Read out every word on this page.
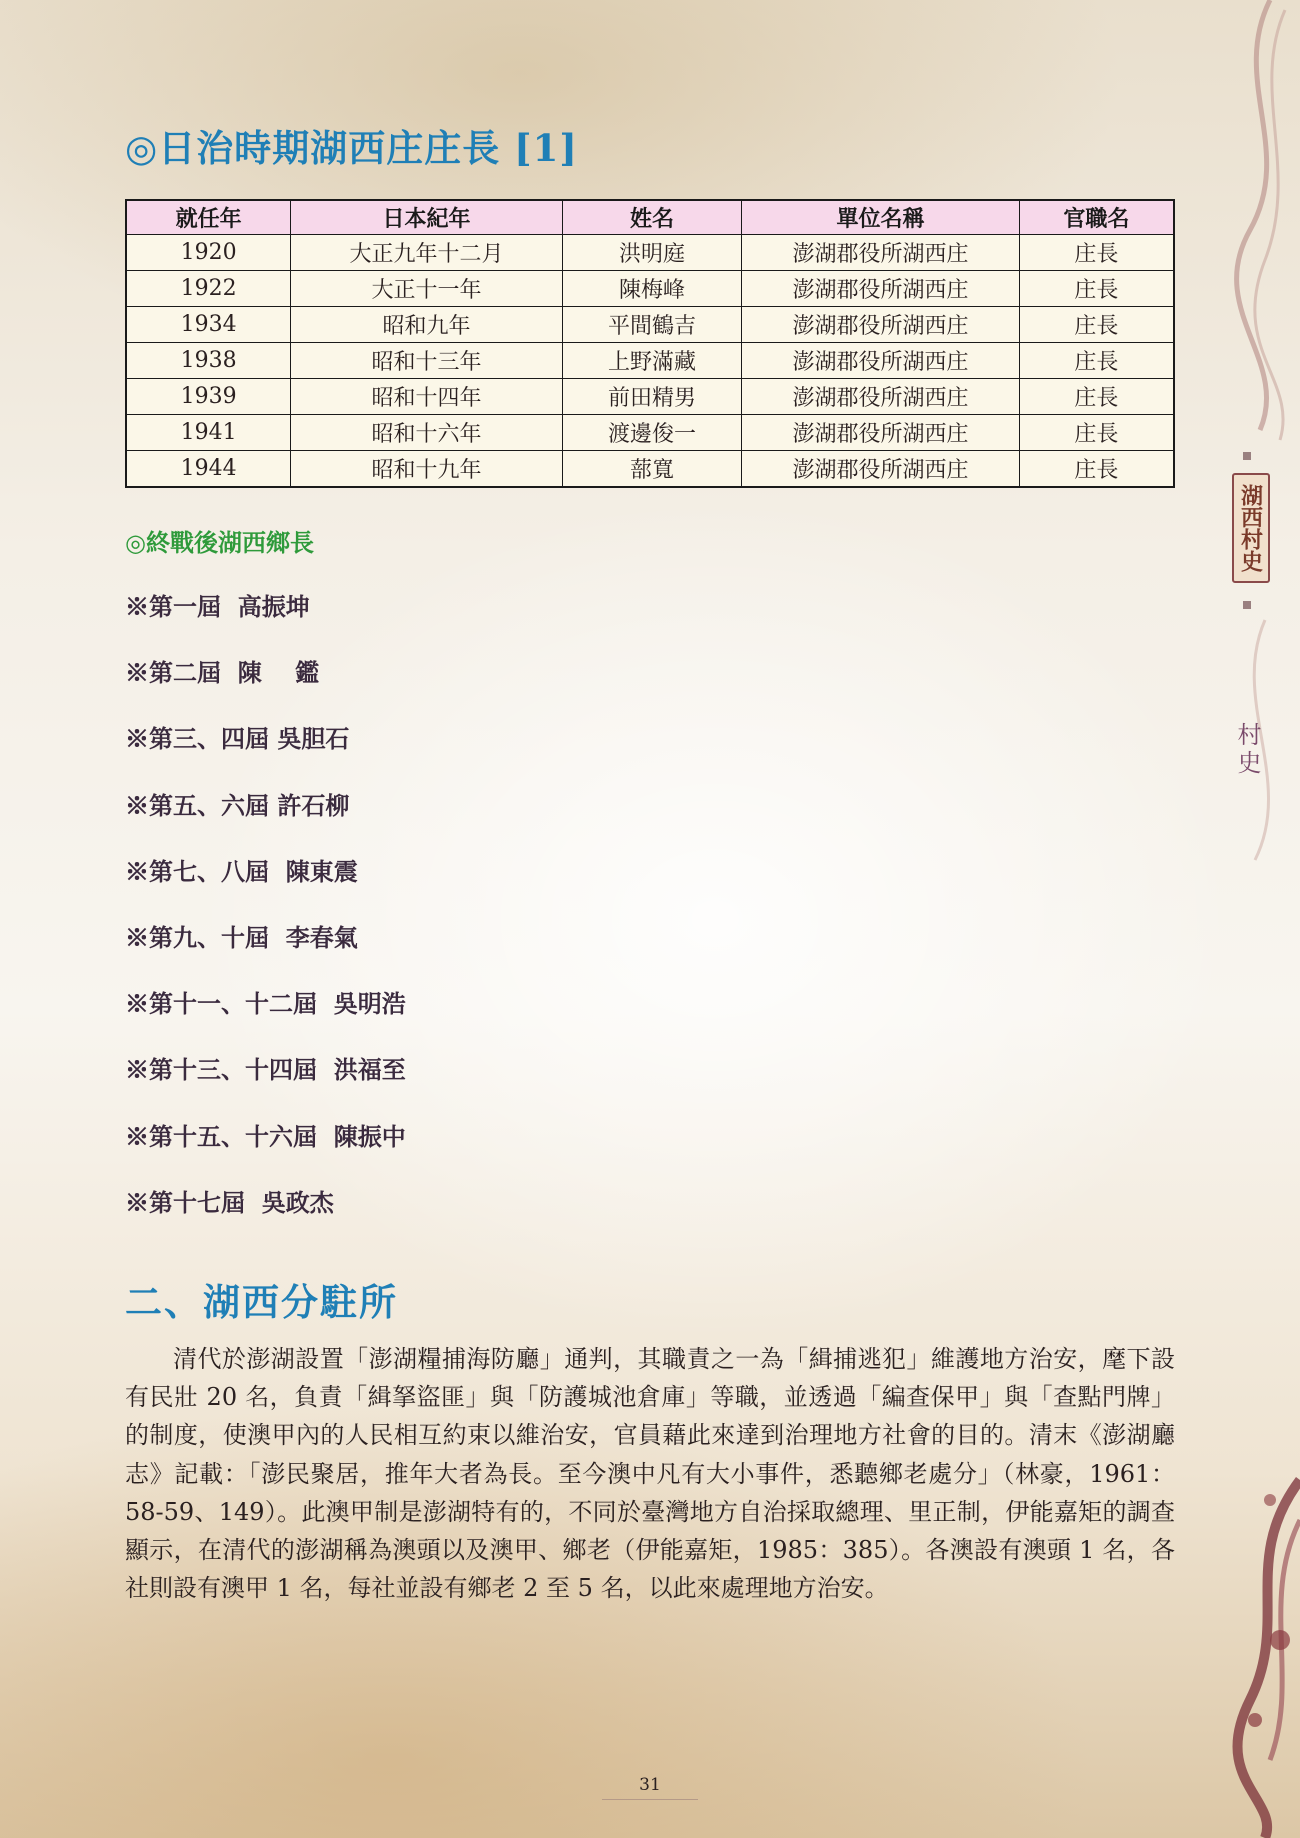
◎日治時期湖西庄庄長 [1]
就任年	日本紀年	姓名	單位名稱	官職名
1920	大正九年十二月	洪明庭	澎湖郡役所湖西庄	庄長
1922	大正十一年	陳梅峰	澎湖郡役所湖西庄	庄長
1934	昭和九年	平間鶴吉	澎湖郡役所湖西庄	庄長
1938	昭和十三年	上野滿藏	澎湖郡役所湖西庄	庄長
1939	昭和十四年	前田精男	澎湖郡役所湖西庄	庄長
1941	昭和十六年	渡邊俊一	澎湖郡役所湖西庄	庄長
1944	昭和十九年	蔀寬	澎湖郡役所湖西庄	庄長
◎終戰後湖西鄉長
※第一屆  高振坤
※第二屆  陳    鑑
※第三、四屆 吳胆石
※第五、六屆 許石柳
※第七、八屆  陳東震
※第九、十屆  李春氣
※第十一、十二屆  吳明浩
※第十三、十四屆  洪福至
※第十五、十六屆  陳振中
※第十七屆  吳政杰
二、湖西分駐所

清代於澎湖設置「澎湖糧捕海防廳」通判，其職責之一為「緝捕逃犯」維護地方治安，麾下設有民壯 20 名，負責「緝拏盜匪」與「防護城池倉庫」等職，並透過「編查保甲」與「查點門牌」的制度，使澳甲內的人民相互約束以維治安，官員藉此來達到治理地方社會的目的。清末《澎湖廳志》記載：「澎民聚居，推年大者為長。至今澳中凡有大小事件，悉聽鄉老處分」（林豪，1961：58-59、149）。此澳甲制是澎湖特有的，不同於臺灣地方自治採取總理、里正制，伊能嘉矩的調查顯示，在清代的澎湖稱為澳頭以及澳甲、鄉老（伊能嘉矩，1985：385）。各澳設有澳頭 1 名，各社則設有澳甲 1 名，每社並設有鄉老 2 至 5 名，以此來處理地方治安。

湖西村史
村史
31
